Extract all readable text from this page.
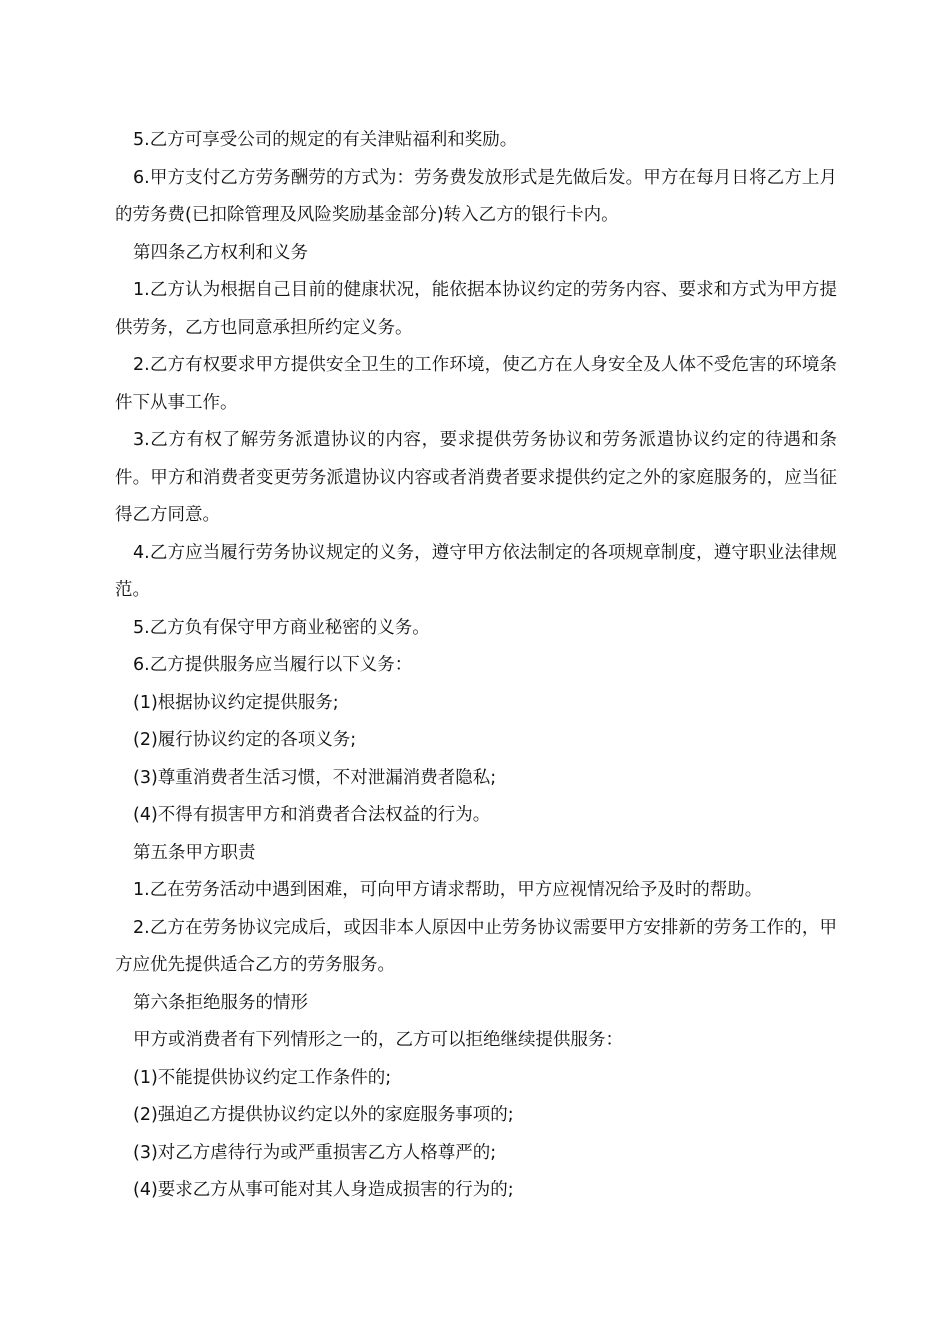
5.乙方可享受公司的规定的有关津贴福利和奖励。

6.甲方支付乙方劳务酬劳的方式为：劳务费发放形式是先做后发。甲方在每月日将乙方上月的劳务费(已扣除管理及风险奖励基金部分)转入乙方的银行卡内。

第四条乙方权利和义务

1.乙方认为根据自己目前的健康状况，能依据本协议约定的劳务内容、要求和方式为甲方提供劳务，乙方也同意承担所约定义务。

2.乙方有权要求甲方提供安全卫生的工作环境，使乙方在人身安全及人体不受危害的环境条件下从事工作。

3.乙方有权了解劳务派遣协议的内容，要求提供劳务协议和劳务派遣协议约定的待遇和条件。甲方和消费者变更劳务派遣协议内容或者消费者要求提供约定之外的家庭服务的，应当征得乙方同意。

4.乙方应当履行劳务协议规定的义务，遵守甲方依法制定的各项规章制度，遵守职业法律规范。

5.乙方负有保守甲方商业秘密的义务。

6.乙方提供服务应当履行以下义务：

(1)根据协议约定提供服务;

(2)履行协议约定的各项义务;

(3)尊重消费者生活习惯，不对泄漏消费者隐私;

(4)不得有损害甲方和消费者合法权益的行为。

第五条甲方职责

1.乙在劳务活动中遇到困难，可向甲方请求帮助，甲方应视情况给予及时的帮助。

2.乙方在劳务协议完成后，或因非本人原因中止劳务协议需要甲方安排新的劳务工作的，甲方应优先提供适合乙方的劳务服务。

第六条拒绝服务的情形

甲方或消费者有下列情形之一的，乙方可以拒绝继续提供服务：

(1)不能提供协议约定工作条件的;

(2)强迫乙方提供协议约定以外的家庭服务事项的;

(3)对乙方虐待行为或严重损害乙方人格尊严的;

(4)要求乙方从事可能对其人身造成损害的行为的;
